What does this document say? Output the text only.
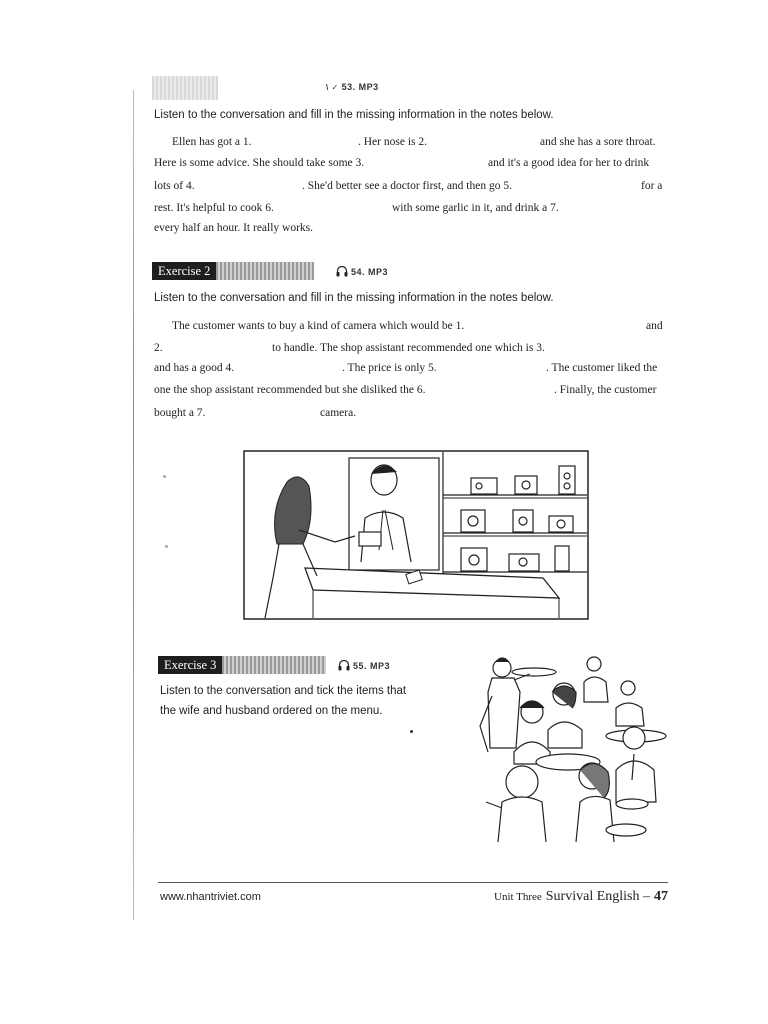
\ ✓ 53. MP3
Listen to the conversation and fill in the missing information in the notes below.
Ellen has got a 1.	. Her nose is 2.	and she has a sore throat.
Here is some advice. She should take some 3.	and it's a good idea for her to drink
lots of 4.	. She'd better see a doctor first, and then go 5.	for a
rest. It's helpful to cook 6.	with some garlic in it, and drink a 7.
every half an hour. It really works.
Exercise 2	54. MP3
Listen to the conversation and fill in the missing information in the notes below.
The customer wants to buy a kind of camera which would be 1.	and
2.	to handle. The shop assistant recommended one which is 3.
and has a good 4.	. The price is only 5.	. The customer liked the
one the shop assistant recommended but she disliked the 6.	. Finally, the customer
bought a 7.	camera.
Exercise 3	55. MP3
Listen to the conversation and tick the items that
the wife and husband ordered on the menu.
www.nhantriviet.com	Unit Three Survival English – 47
